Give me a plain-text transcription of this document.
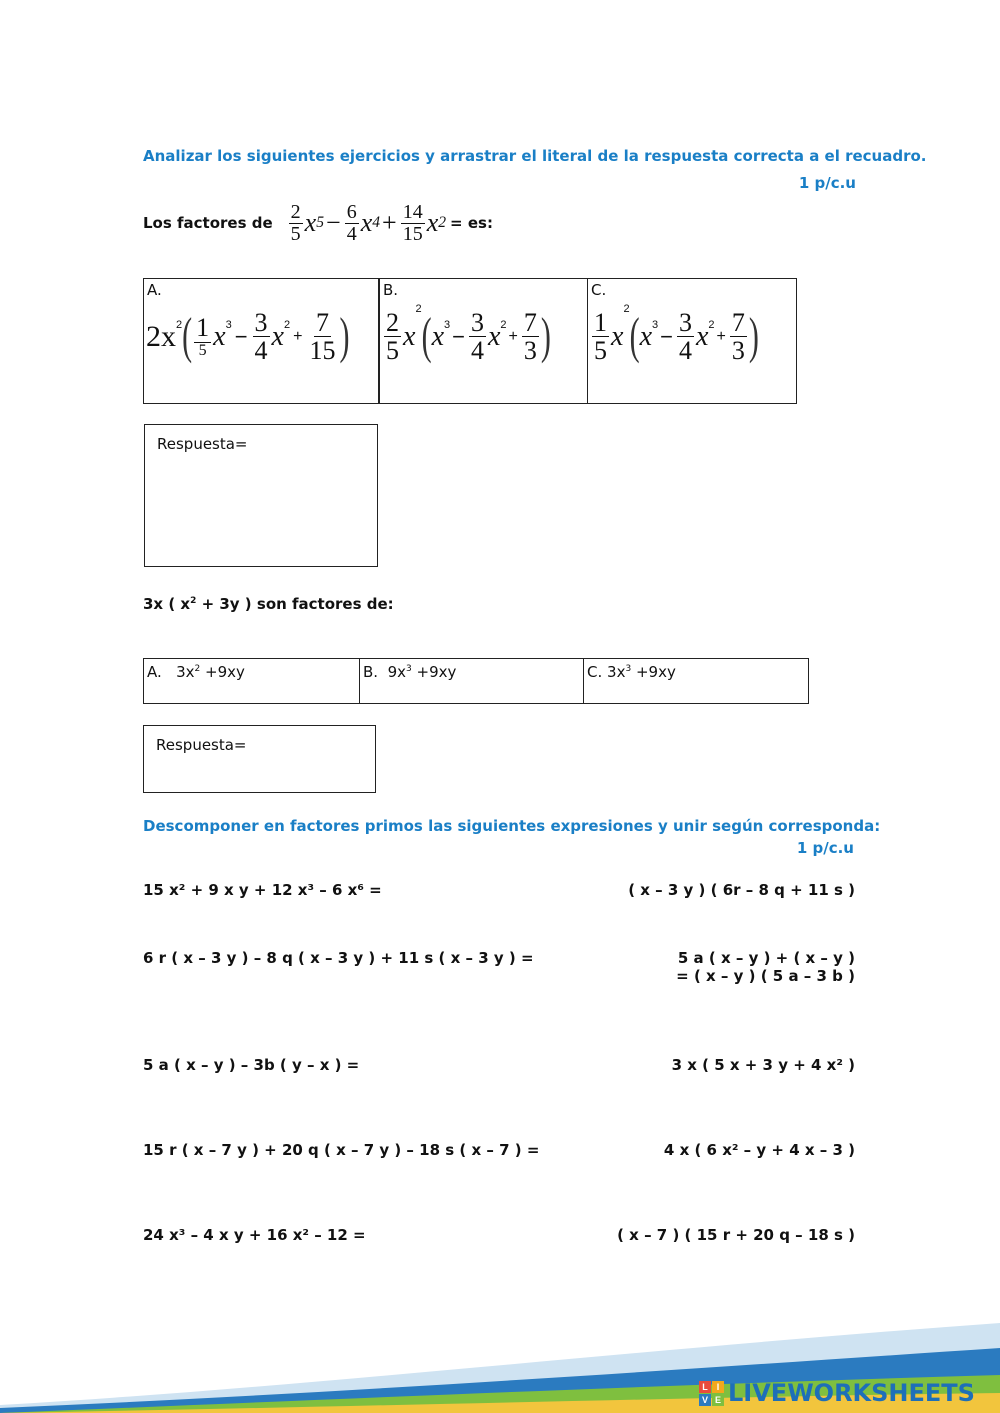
Analizar los siguientes ejercicios y arrastrar el literal de la respuesta correcta a el recuadro.
1 p/c.u
Los factores de $\frac{2}{5}$ x $5 - \frac{6}{4}$ x $4 + \frac{14}{15}$ x 2 = es:
A.
$2x^2$ ( $\frac{1}{5} x^3 - \frac{3}{4} x^2$
+ $\frac{7}{15}$ )
B.
$\frac{2}{5}$ x
2 ( $x^3 - \frac{3}{4} x^2$
+ $\frac{7}{3}$ )
C.
$\frac{1}{5}$ x
2 ( $x^3 - \frac{3}{4} x^2$
+ $\frac{7}{3}$ )
Respuesta=
3x ( $x^2 + 3y$ ) son factores de:
A. $3x^2 +9xy$	B. $9x^3 +9xy$	C. $3x^3 +9xy$
Respuesta=
Descomponer en factores primos las siguientes expresiones y unir según corresponda:
1 p/c.u
15 x² + 9 x y + 12 x³ – 6 x⁶ =	( x – 3 y ) ( 6r – 8 q + 11 s )
6 r ( x – 3 y ) – 8 q ( x – 3 y ) + 11 s ( x – 3 y ) =	5 a ( x – y ) + ( x – y )
= ( x – y ) ( 5 a – 3 b )
5 a ( x – y ) – 3b ( y – x ) =	3 x ( 5 x + 3 y + 4 x² )
15 r ( x – 7 y ) + 20 q ( x – 7 y ) – 18 s ( x – 7 ) =	4 x ( 6 x² – y + 4 x – 3 )
24 x³ – 4 x y + 16 x² – 12 =	( x – 7 ) ( 15 r + 20 q – 18 s )
L I
V E LIVEWORKSHEETS
